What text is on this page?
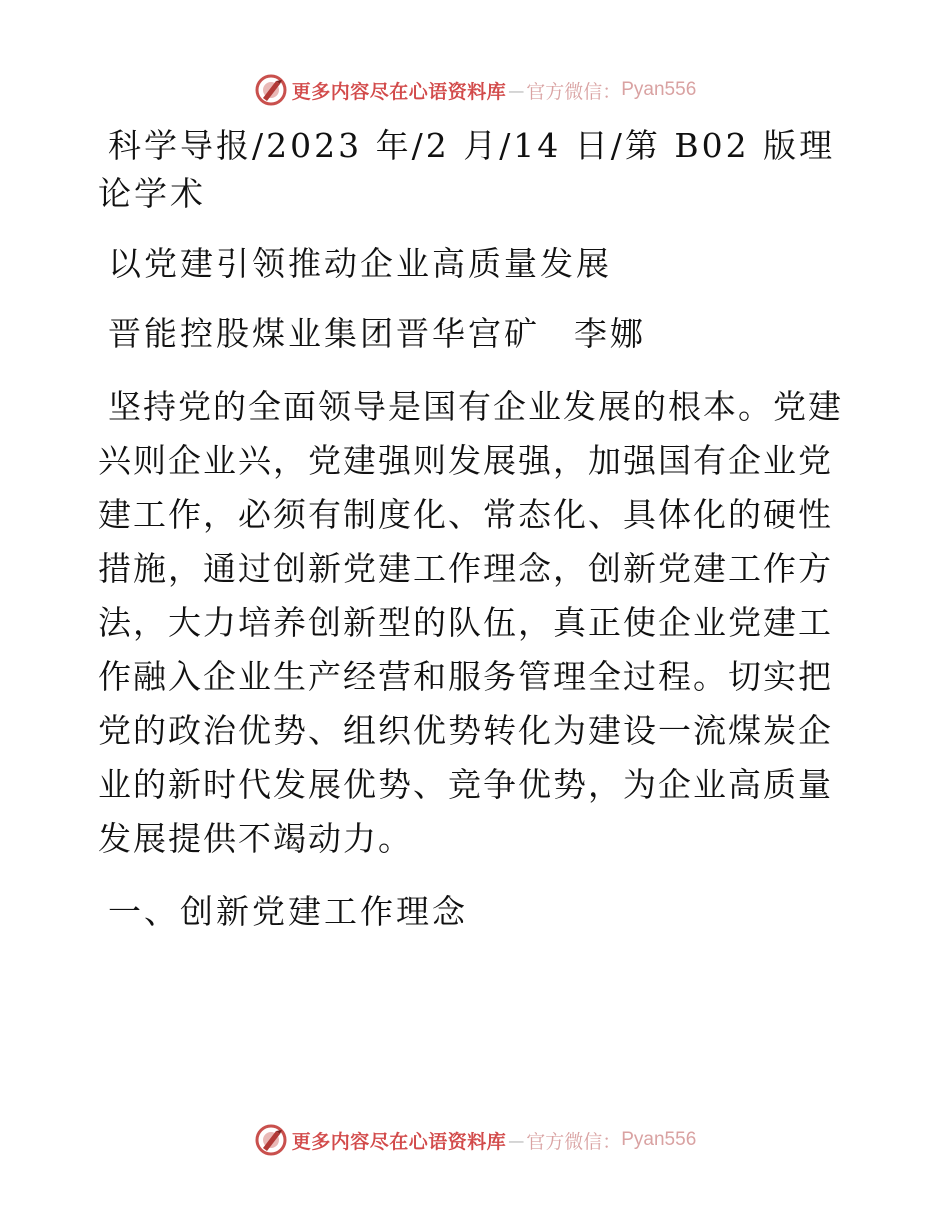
更多内容尽在心语资料库 — 官方微信： Pyan556

科学导报/2023 年/2 月/14 日/第 B02 版理论学术

以党建引领推动企业高质量发展

晋能控股煤业集团晋华宫矿 李娜

坚持党的全面领导是国有企业发展的根本。党建兴则企业兴，党建强则发展强，加强国有企业党建工作，必须有制度化、常态化、具体化的硬性措施，通过创新党建工作理念，创新党建工作方法，大力培养创新型的队伍，真正使企业党建工作融入企业生产经营和服务管理全过程。切实把党的政治优势、组织优势转化为建设一流煤炭企业的新时代发展优势、竞争优势，为企业高质量发展提供不竭动力。

一、创新党建工作理念

更多内容尽在心语资料库 — 官方微信： Pyan556
